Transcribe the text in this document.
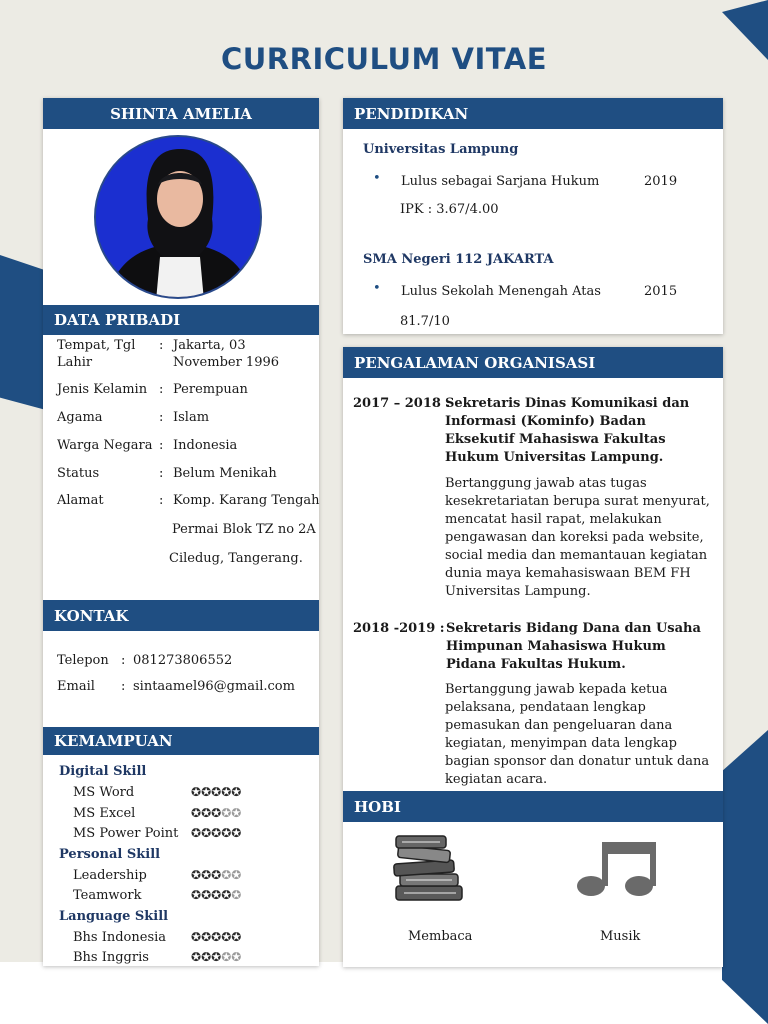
CURRICULUM VITAE
SHINTA AMELIA
DATA PRIBADI
Tempat, Tgl Lahir
: Jakarta, 03 November 1996
Jenis Kelamin : Perempuan
Agama	: Islam
Warga Negara : Indonesia
Status	: Belum Menikah
Alamat	: Komp. Karang Tengah
Permai Blok TZ no 2A
Ciledug, Tangerang.
KONTAK
Telepon : 081273806552
Email : sintaamel96@gmail.com
KEMAMPUAN
Digital Skill
MS Word	✪✪✪✪✪
MS Excel	✪✪✪✪✪
MS Power Point ✪✪✪✪✪
Personal Skill
Leadership	✪✪✪✪✪
Teamwork	✪✪✪✪✪
Language Skill
Bhs Indonesia ✪✪✪✪✪
Bhs Inggris	✪✪✪✪✪
PENDIDIKAN
Universitas Lampung
• Lulus sebagai Sarjana Hukum	2019
IPK : 3.67/4.00
SMA Negeri 112 JAKARTA
• Lulus Sekolah Menengah Atas	2015
81.7/10
PENGALAMAN ORGANISASI
2017 – 2018 :
Sekretaris Dinas Komunikasi dan Informasi (Kominfo) Badan Eksekutif Mahasiswa Fakultas Hukum Universitas Lampung.
Bertanggung jawab atas tugas kesekretariatan berupa surat menyurat, mencatat hasil rapat, melakukan pengawasan dan koreksi pada website, social media dan memantauan kegiatan dunia maya kemahasiswaan BEM FH Universitas Lampung.
2018 -2019 : Sekretaris Bidang Dana dan Usaha Himpunan Mahasiswa Hukum Pidana Fakultas Hukum.
Bertanggung jawab kepada ketua pelaksana, pendataan lengkap pemasukan dan pengeluaran dana kegiatan, menyimpan data lengkap bagian sponsor dan donatur untuk dana kegiatan acara.
HOBI
Membaca	Musik
